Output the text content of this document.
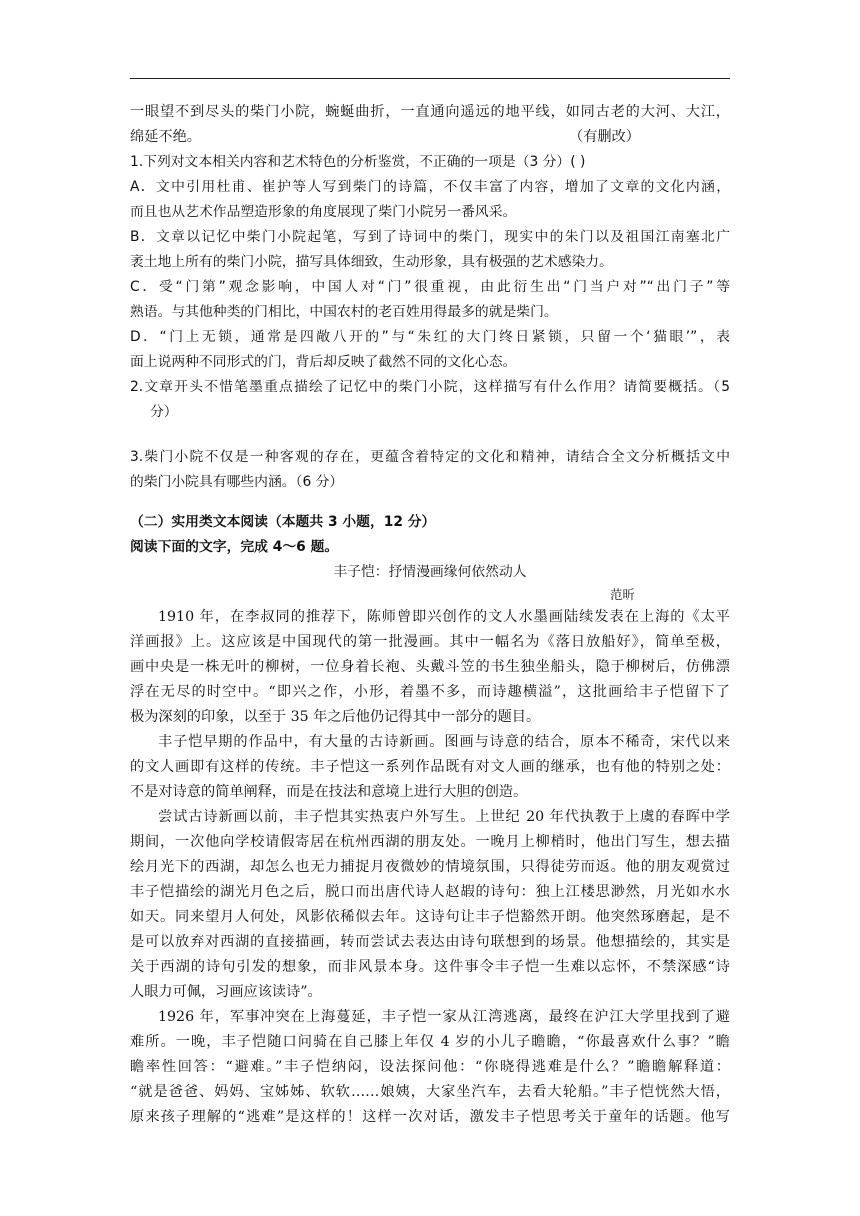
一眼望不到尽头的柴门小院，蜿蜒曲折，一直通向遥远的地平线，如同古老的大河、大江，
绵延不绝。	（有删改）
1.下列对文本相关内容和艺术特色的分析鉴赏，不正确的一项是（3 分）( )
A．文中引用杜甫、崔护等人写到柴门的诗篇，不仅丰富了内容，增加了文章的文化内涵，
而且也从艺术作品塑造形象的角度展现了柴门小院另一番风采。
B．文章以记忆中柴门小院起笔，写到了诗词中的柴门，现实中的朱门以及祖国江南塞北广
袤土地上所有的柴门小院，描写具体细致，生动形象，具有极强的艺术感染力。
C．受“门第”观念影响，中国人对“门”很重视，由此衍生出“门当户对”“出门子”等
熟语。与其他种类的门相比，中国农村的老百姓用得最多的就是柴门。
D．“门上无锁，通常是四敞八开的”与“朱红的大门终日紧锁，只留一个‘猫眼’”，表
面上说两种不同形式的门，背后却反映了截然不同的文化心态。
2.文章开头不惜笔墨重点描绘了记忆中的柴门小院，这样描写有什么作用？请简要概括。（5
分）
3.柴门小院不仅是一种客观的存在，更蕴含着特定的文化和精神，请结合全文分析概括文中
的柴门小院具有哪些内涵。（6 分）
（二）实用类文本阅读（本题共 3 小题，12 分）
阅读下面的文字，完成 4～6 题。
丰子恺：抒情漫画缘何依然动人
范昕
1910 年，在李叔同的推荐下，陈师曾即兴创作的文人水墨画陆续发表在上海的《太平
洋画报》上。这应该是中国现代的第一批漫画。其中一幅名为《落日放船好》，简单至极，
画中央是一株无叶的柳树，一位身着长袍、头戴斗笠的书生独坐船头，隐于柳树后，仿佛漂
浮在无尽的时空中。“即兴之作，小形，着墨不多，而诗趣横溢”，这批画给丰子恺留下了
极为深刻的印象，以至于 35 年之后他仍记得其中一部分的题目。
丰子恺早期的作品中，有大量的古诗新画。图画与诗意的结合，原本不稀奇，宋代以来
的文人画即有这样的传统。丰子恺这一系列作品既有对文人画的继承，也有他的特别之处：
不是对诗意的简单阐释，而是在技法和意境上进行大胆的创造。
尝试古诗新画以前，丰子恺其实热衷户外写生。上世纪 20 年代执教于上虞的春晖中学
期间，一次他向学校请假寄居在杭州西湖的朋友处。一晚月上柳梢时，他出门写生，想去描
绘月光下的西湖，却怎么也无力捕捉月夜微妙的情境氛围，只得徒劳而返。他的朋友观赏过
丰子恺描绘的湖光月色之后，脱口而出唐代诗人赵嘏的诗句：独上江楼思渺然，月光如水水
如天。同来望月人何处，风影依稀似去年。这诗句让丰子恺豁然开朗。他突然琢磨起，是不
是可以放弃对西湖的直接描画，转而尝试去表达由诗句联想到的场景。他想描绘的，其实是
关于西湖的诗句引发的想象，而非风景本身。这件事令丰子恺一生难以忘怀，不禁深感“诗
人眼力可佩，习画应该读诗”。
1926 年，军事冲突在上海蔓延，丰子恺一家从江湾逃离，最终在沪江大学里找到了避
难所。一晚，丰子恺随口问骑在自己膝上年仅 4 岁的小儿子瞻瞻，“你最喜欢什么事？”瞻
瞻率性回答：“避难。”丰子恺纳闷，设法探问他：“你晓得逃难是什么？”瞻瞻解释道：
“就是爸爸、妈妈、宝姊姊、软软……娘姨，大家坐汽车，去看大轮船。”丰子恺恍然大悟，
原来孩子理解的“逃难”是这样的！这样一次对话，激发丰子恺思考关于童年的话题。他写
